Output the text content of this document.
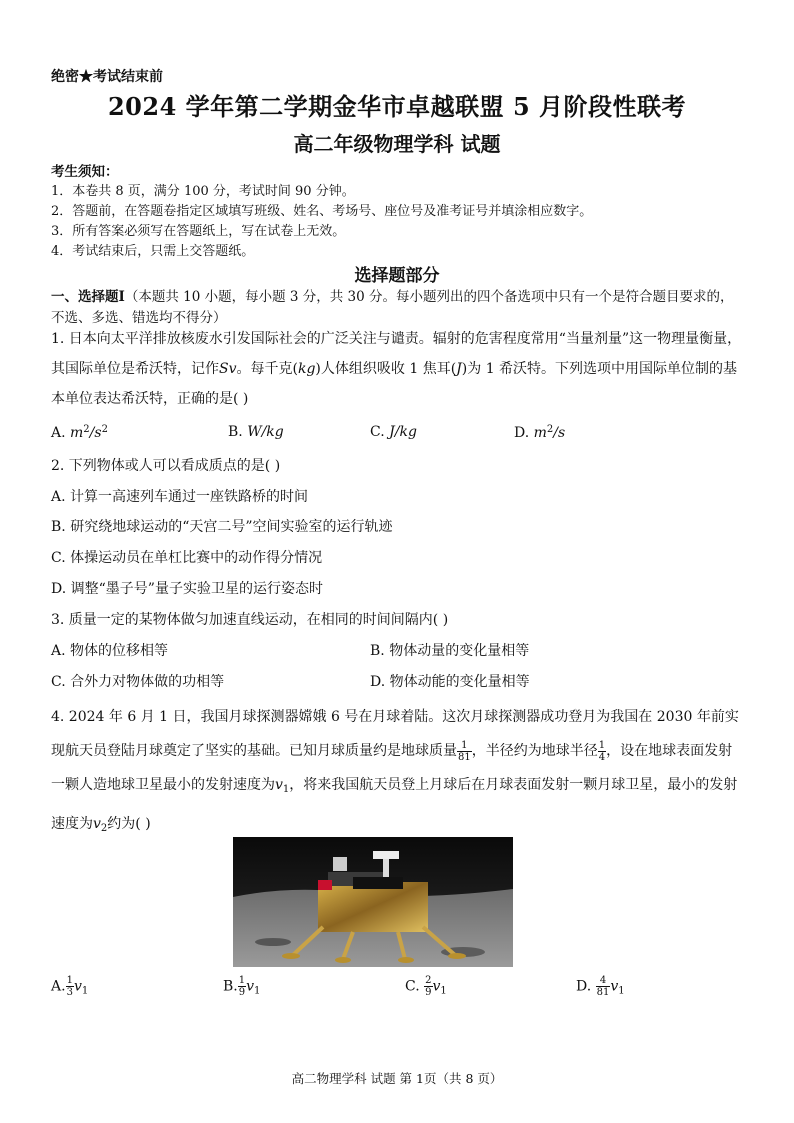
绝密★考试结束前
2024 学年第二学期金华市卓越联盟 5 月阶段性联考
高二年级物理学科 试题
考生须知：
1．本卷共 8 页，满分 100 分，考试时间 90 分钟。
2．答题前，在答题卷指定区域填写班级、姓名、考场号、座位号及准考证号并填涂相应数字。
3．所有答案必须写在答题纸上，写在试卷上无效。
4．考试结束后，只需上交答题纸。
选择题部分
一、选择题Ⅰ（本题共 10 小题，每小题 3 分，共 30 分。每小题列出的四个备选项中只有一个是符合题目要求的，不选、多选、错选均不得分）
1. 日本向太平洋排放核废水引发国际社会的广泛关注与谴责。辐射的危害程度常用“当量剂量”这一物理量衡量，其国际单位是希沃特，记作Sv。每千克(kg)人体组织吸收 1 焦耳(J)为 1 希沃特。下列选项中用国际单位制的基本单位表达希沃特，正确的是( )
A. $m^2/s^2$	B. W/kg	C. J/kg	D. $m^2/s$
2. 下列物体或人可以看成质点的是( )
A. 计算一高速列车通过一座铁路桥的时间
B. 研究绕地球运动的“天宫二号”空间实验室的运行轨迹
C. 体操运动员在单杠比赛中的动作得分情况
D. 调整“墨子号”量子实验卫星的运行姿态时
3. 质量一定的某物体做匀加速直线运动，在相同的时间间隔内( )
A. 物体的位移相等	B. 物体动量的变化量相等
C. 合外力对物体做的功相等	D. 物体动能的变化量相等
4. 2024 年 6 月 1 日，我国月球探测器嫦娥 6 号在月球着陆。这次月球探测器成功登月为我国在 2030 年前实现航天员登陆月球奠定了坚实的基础。已知月球质量约是地球质量 $\frac{1}{81}$ ，半径约为地球半径 $\frac{1}{4}$ ，设在地球表面发射一颗人造地球卫星最小的发射速度为$v_1$，将来我国航天员登上月球后在月球表面发射一颗月球卫星，最小的发射速度为$v_2$约为( )
A. $\frac{1}{3} v_1$	B. $\frac{1}{9} v_1$	C. $\frac{2}{9} v_1$	D. $\frac{4}{81} v_1$
高二物理学科 试题 第 1页（共 8 页）
